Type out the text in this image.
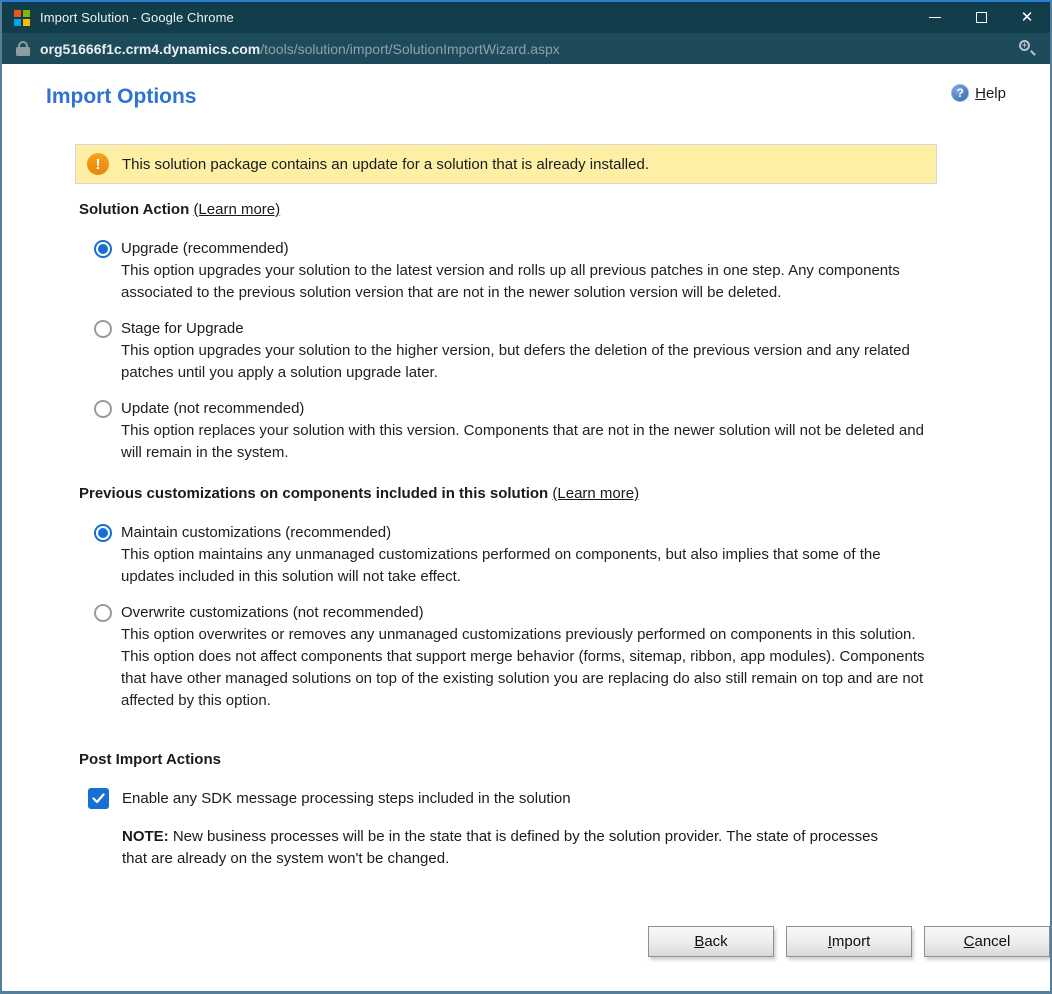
Import Solution - Google Chrome	✕
org51666f1c.crm4.dynamics.com/tools/solution/import/SolutionImportWizard.aspx	+
Import Options	? Help
!	This solution package contains an update for a solution that is already installed.
Solution Action (Learn more)
Upgrade (recommended)
This option upgrades your solution to the latest version and rolls up all previous patches in one step. Any components associated to the previous solution version that are not in the newer solution version will be deleted.
Stage for Upgrade
This option upgrades your solution to the higher version, but defers the deletion of the previous version and any related patches until you apply a solution upgrade later.
Update (not recommended)
This option replaces your solution with this version. Components that are not in the newer solution will not be deleted and will remain in the system.
Previous customizations on components included in this solution (Learn more)
Maintain customizations (recommended)
This option maintains any unmanaged customizations performed on components, but also implies that some of the updates included in this solution will not take effect.
Overwrite customizations (not recommended)
This option overwrites or removes any unmanaged customizations previously performed on components in this solution. This option does not affect components that support merge behavior (forms, sitemap, ribbon, app modules). Components that have other managed solutions on top of the existing solution you are replacing do also still remain on top and are not affected by this option.
Post Import Actions
Enable any SDK message processing steps included in the solution
NOTE: New business processes will be in the state that is defined by the solution provider. The state of processes that are already on the system won't be changed.
Back	Import	Cancel
